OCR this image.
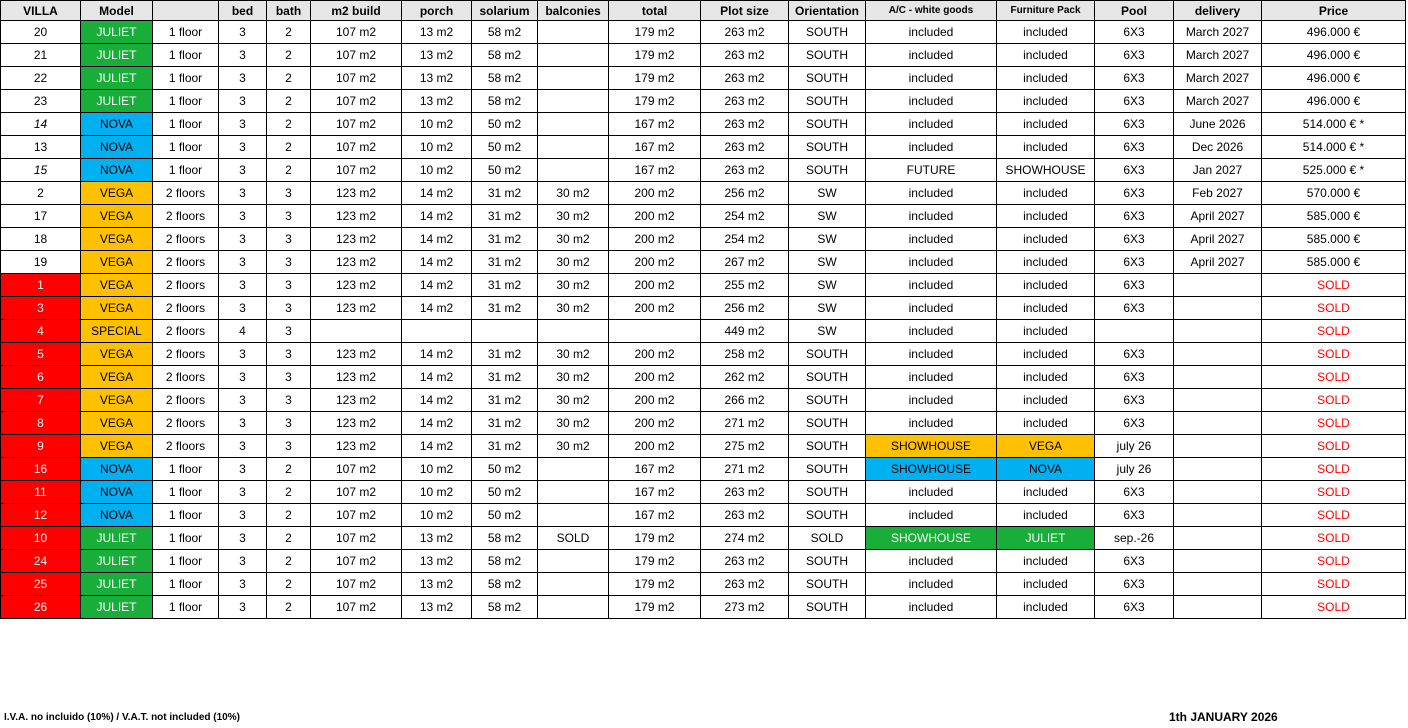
VILLA	Model		bed	bath	m2 build	porch	solarium	balconies	total	Plot size	Orientation	A/C - white goods	Furniture Pack	Pool	delivery	Price
20	JULIET	1 floor	3	2	107 m2	13 m2	58 m2		179 m2	263 m2	SOUTH	included	included	6X3	March 2027	496.000 €
21	JULIET	1 floor	3	2	107 m2	13 m2	58 m2		179 m2	263 m2	SOUTH	included	included	6X3	March 2027	496.000 €
22	JULIET	1 floor	3	2	107 m2	13 m2	58 m2		179 m2	263 m2	SOUTH	included	included	6X3	March 2027	496.000 €
23	JULIET	1 floor	3	2	107 m2	13 m2	58 m2		179 m2	263 m2	SOUTH	included	included	6X3	March 2027	496.000 €
14	NOVA	1 floor	3	2	107 m2	10 m2	50 m2		167 m2	263 m2	SOUTH	included	included	6X3	June 2026	514.000 € *
13	NOVA	1 floor	3	2	107 m2	10 m2	50 m2		167 m2	263 m2	SOUTH	included	included	6X3	Dec 2026	514.000 € *
15	NOVA	1 floor	3	2	107 m2	10 m2	50 m2		167 m2	263 m2	SOUTH	FUTURE	SHOWHOUSE	6X3	Jan 2027	525.000 € *
2	VEGA	2 floors	3	3	123 m2	14 m2	31 m2	30 m2	200 m2	256 m2	SW	included	included	6X3	Feb 2027	570.000 €
17	VEGA	2 floors	3	3	123 m2	14 m2	31 m2	30 m2	200 m2	254 m2	SW	included	included	6X3	April 2027	585.000 €
18	VEGA	2 floors	3	3	123 m2	14 m2	31 m2	30 m2	200 m2	254 m2	SW	included	included	6X3	April 2027	585.000 €
19	VEGA	2 floors	3	3	123 m2	14 m2	31 m2	30 m2	200 m2	267 m2	SW	included	included	6X3	April 2027	585.000 €
1	VEGA	2 floors	3	3	123 m2	14 m2	31 m2	30 m2	200 m2	255 m2	SW	included	included	6X3		SOLD
3	VEGA	2 floors	3	3	123 m2	14 m2	31 m2	30 m2	200 m2	256 m2	SW	included	included	6X3		SOLD
4	SPECIAL	2 floors	4	3						449 m2	SW	included	included			SOLD
5	VEGA	2 floors	3	3	123 m2	14 m2	31 m2	30 m2	200 m2	258 m2	SOUTH	included	included	6X3		SOLD
6	VEGA	2 floors	3	3	123 m2	14 m2	31 m2	30 m2	200 m2	262 m2	SOUTH	included	included	6X3		SOLD
7	VEGA	2 floors	3	3	123 m2	14 m2	31 m2	30 m2	200 m2	266 m2	SOUTH	included	included	6X3		SOLD
8	VEGA	2 floors	3	3	123 m2	14 m2	31 m2	30 m2	200 m2	271 m2	SOUTH	included	included	6X3		SOLD
9	VEGA	2 floors	3	3	123 m2	14 m2	31 m2	30 m2	200 m2	275 m2	SOUTH	SHOWHOUSE	VEGA	july 26		SOLD
16	NOVA	1 floor	3	2	107 m2	10 m2	50 m2		167 m2	271 m2	SOUTH	SHOWHOUSE	NOVA	july 26		SOLD
11	NOVA	1 floor	3	2	107 m2	10 m2	50 m2		167 m2	263 m2	SOUTH	included	included	6X3		SOLD
12	NOVA	1 floor	3	2	107 m2	10 m2	50 m2		167 m2	263 m2	SOUTH	included	included	6X3		SOLD
10	JULIET	1 floor	3	2	107 m2	13 m2	58 m2	SOLD	179 m2	274 m2	SOLD	SHOWHOUSE	JULIET	sep.-26		SOLD
24	JULIET	1 floor	3	2	107 m2	13 m2	58 m2		179 m2	263 m2	SOUTH	included	included	6X3		SOLD
25	JULIET	1 floor	3	2	107 m2	13 m2	58 m2		179 m2	263 m2	SOUTH	included	included	6X3		SOLD
26	JULIET	1 floor	3	2	107 m2	13 m2	58 m2		179 m2	273 m2	SOUTH	included	included	6X3		SOLD
I.V.A. no incluido (10%) / V.A.T. not included (10%)	1th JANUARY 2026
